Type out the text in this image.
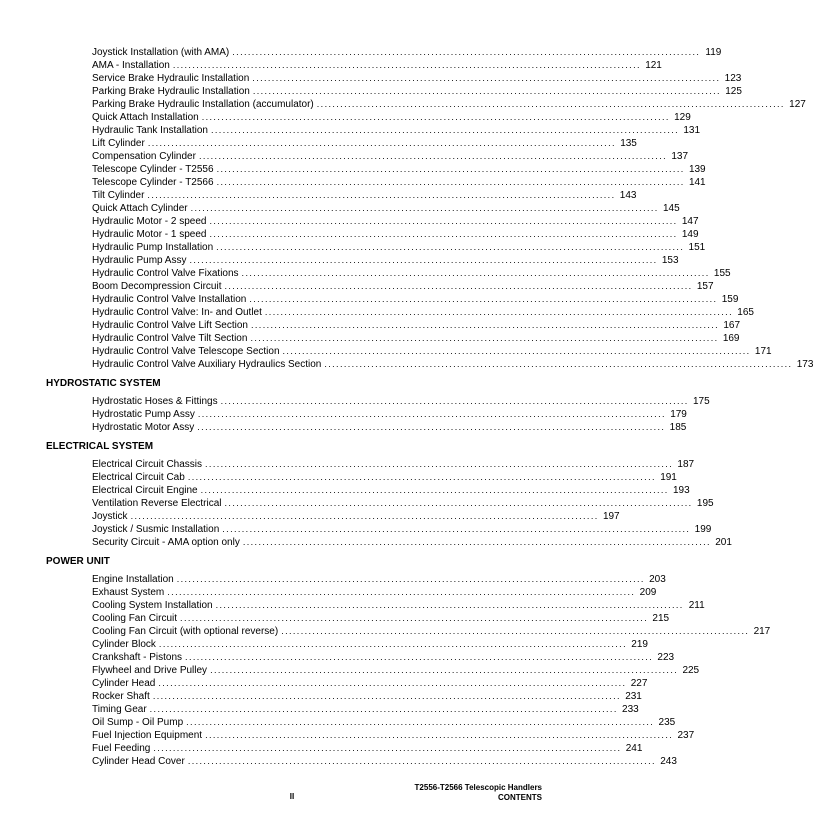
Joystick Installation (with AMA) ........................................................................................................................ 119
AMA - Installation ........................................................................................................................ 121
Service Brake Hydraulic Installation ........................................................................................................................ 123
Parking Brake Hydraulic Installation ........................................................................................................................ 125
Parking Brake Hydraulic Installation (accumulator) ........................................................................................................................ 127
Quick Attach Installation ........................................................................................................................ 129
Hydraulic Tank Installation ........................................................................................................................ 131
Lift Cylinder ........................................................................................................................ 135
Compensation Cylinder ........................................................................................................................ 137
Telescope Cylinder - T2556 ........................................................................................................................ 139
Telescope Cylinder - T2566 ........................................................................................................................ 141
Tilt Cylinder ........................................................................................................................ 143
Quick Attach Cylinder ........................................................................................................................ 145
Hydraulic Motor - 2 speed ........................................................................................................................ 147
Hydraulic Motor - 1 speed ........................................................................................................................ 149
Hydraulic Pump Installation ........................................................................................................................ 151
Hydraulic Pump Assy ........................................................................................................................ 153
Hydraulic Control Valve Fixations ........................................................................................................................ 155
Boom Decompression Circuit ........................................................................................................................ 157
Hydraulic Control Valve Installation ........................................................................................................................ 159
Hydraulic Control Valve: In- and Outlet ........................................................................................................................ 165
Hydraulic Control Valve Lift Section ........................................................................................................................ 167
Hydraulic Control Valve Tilt Section ........................................................................................................................ 169
Hydraulic Control Valve Telescope Section ........................................................................................................................ 171
Hydraulic Control Valve Auxiliary Hydraulics Section ........................................................................................................................ 173
HYDROSTATIC SYSTEM
Hydrostatic Hoses & Fittings ........................................................................................................................ 175
Hydrostatic Pump Assy ........................................................................................................................ 179
Hydrostatic Motor Assy ........................................................................................................................ 185
ELECTRICAL SYSTEM
Electrical Circuit Chassis ........................................................................................................................ 187
Electrical Circuit Cab ........................................................................................................................ 191
Electrical Circuit Engine ........................................................................................................................ 193
Ventilation Reverse Electrical ........................................................................................................................ 195
Joystick ........................................................................................................................ 197
Joystick / Susmic Installation ........................................................................................................................ 199
Security Circuit - AMA option only ........................................................................................................................ 201
POWER UNIT
Engine Installation ........................................................................................................................ 203
Exhaust System ........................................................................................................................ 209
Cooling System Installation ........................................................................................................................ 211
Cooling Fan Circuit ........................................................................................................................ 215
Cooling Fan Circuit (with optional reverse) ........................................................................................................................ 217
Cylinder Block ........................................................................................................................ 219
Crankshaft - Pistons ........................................................................................................................ 223
Flywheel and Drive Pulley ........................................................................................................................ 225
Cylinder Head ........................................................................................................................ 227
Rocker Shaft ........................................................................................................................ 231
Timing Gear ........................................................................................................................ 233
Oil Sump - Oil Pump ........................................................................................................................ 235
Fuel Injection Equipment ........................................................................................................................ 237
Fuel Feeding ........................................................................................................................ 241
Cylinder Head Cover ........................................................................................................................ 243
T2556-T2566 Telescopic Handlers
CONTENTS
II
